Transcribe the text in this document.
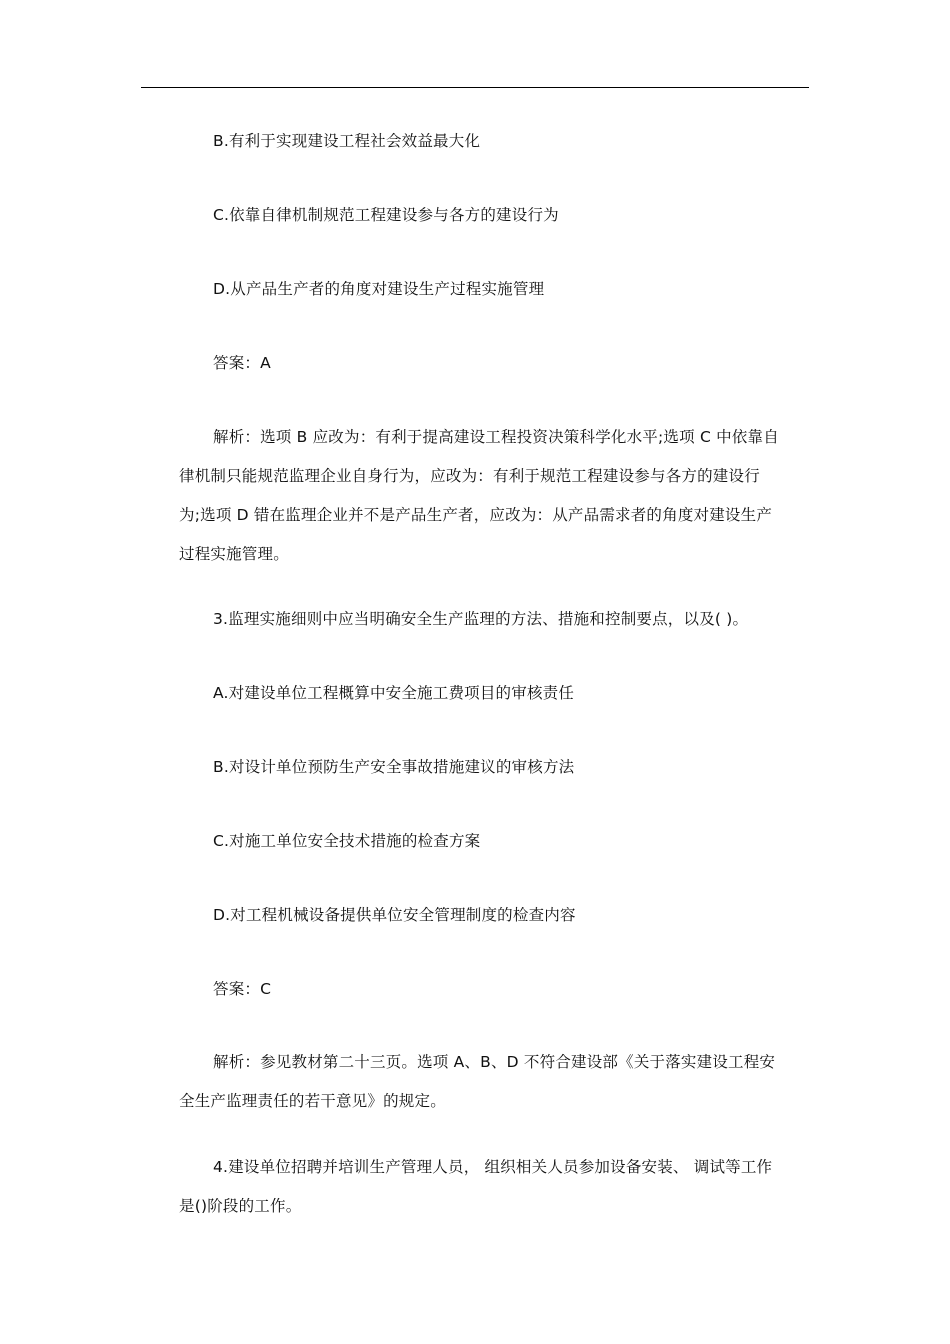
B.有利于实现建设工程社会效益最大化
C.依靠自律机制规范工程建设参与各方的建设行为
D.从产品生产者的角度对建设生产过程实施管理
答案：A
解析：选项 B 应改为：有利于提高建设工程投资决策科学化水平;选项 C 中依靠自
律机制只能规范监理企业自身行为，应改为：有利于规范工程建设参与各方的建设行
为;选项 D 错在监理企业并不是产品生产者，应改为：从产品需求者的角度对建设生产
过程实施管理。
3.监理实施细则中应当明确安全生产监理的方法、措施和控制要点，以及( )。
A.对建设单位工程概算中安全施工费项目的审核责任
B.对设计单位预防生产安全事故措施建议的审核方法
C.对施工单位安全技术措施的检查方案
D.对工程机械设备提供单位安全管理制度的检查内容
答案：C
解析：参见教材第二十三页。选项 A、B、D 不符合建设部《关于落实建设工程安
全生产监理责任的若干意见》的规定。
4.建设单位招聘并培训生产管理人员， 组织相关人员参加设备安装、 调试等工作
是()阶段的工作。
